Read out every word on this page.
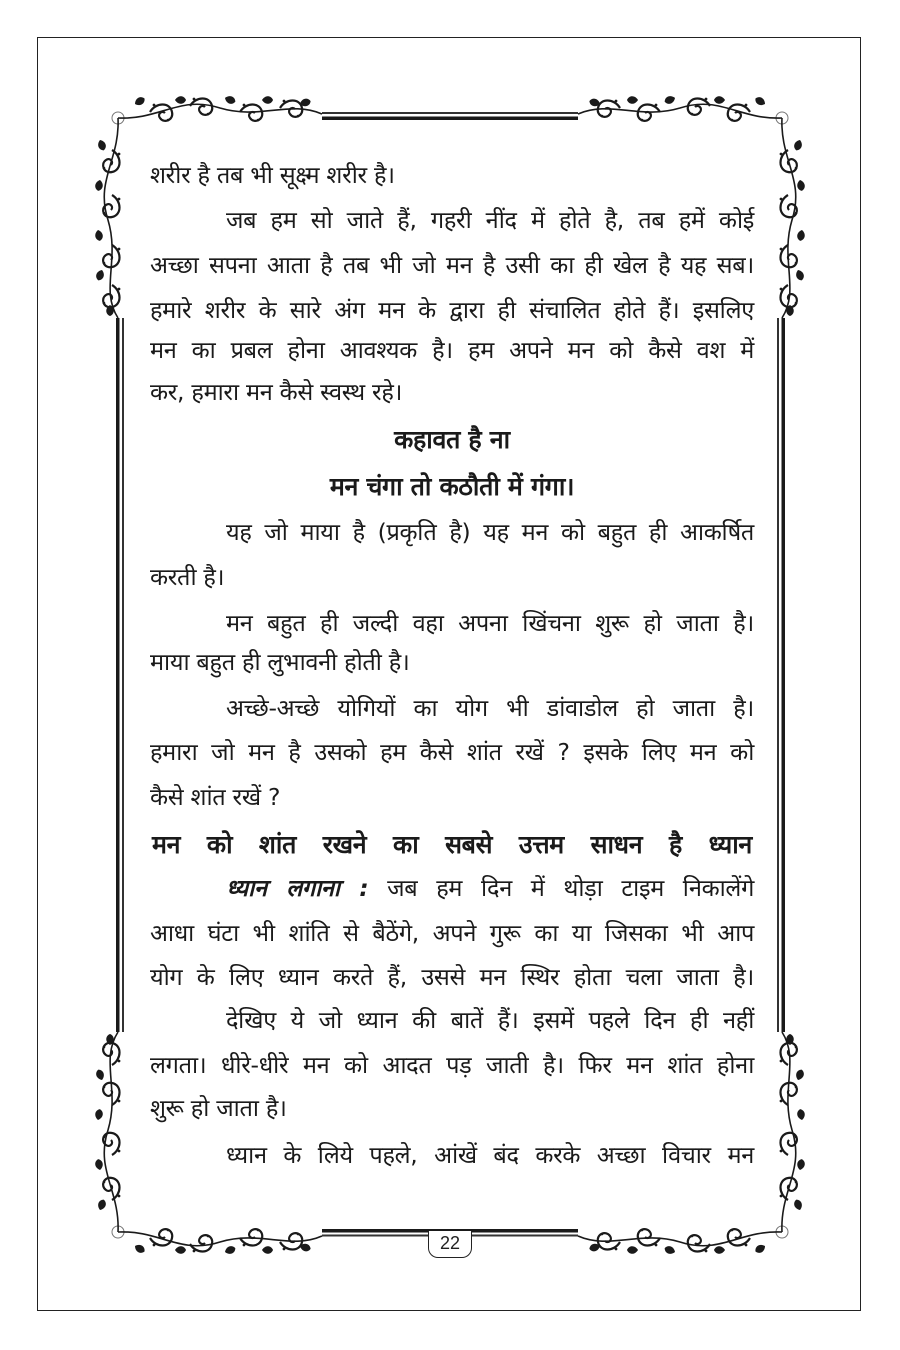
शरीर है तब भी सूक्ष्म शरीर है।
जब हम सो जाते हैं, गहरी नींद में होते है, तब हमें कोई
अच्छा सपना आता है तब भी जो मन है उसी का ही खेल है यह सब।
हमारे शरीर के सारे अंग मन के द्वारा ही संचालित होते हैं। इसलिए
मन का प्रबल होना आवश्यक है। हम अपने मन को कैसे वश में
कर, हमारा मन कैसे स्वस्थ रहे।
कहावत है ना
मन चंगा तो कठौती में गंगा।
यह जो माया है (प्रकृति है) यह मन को बहुत ही आकर्षित
करती है।
मन बहुत ही जल्दी वहा अपना खिंचना शुरू हो जाता है।
माया बहुत ही लुभावनी होती है।
अच्छे-अच्छे योगियों का योग भी डांवाडोल हो जाता है।
हमारा जो मन है उसको हम कैसे शांत रखें ? इसके लिए मन को
कैसे शांत रखें ?
मन को शांत रखने का सबसे उत्तम साधन है ध्यान
ध्यान लगाना : जब हम दिन में थोड़ा टाइम निकालेंगे
आधा घंटा भी शांति से बैठेंगे, अपने गुरू का या जिसका भी आप
योग के लिए ध्यान करते हैं, उससे मन स्थिर होता चला जाता है।
देखिए ये जो ध्यान की बातें हैं। इसमें पहले दिन ही नहीं
लगता। धीरे-धीरे मन को आदत पड़ जाती है। फिर मन शांत होना
शुरू हो जाता है।
ध्यान के लिये पहले, आंखें बंद करके अच्छा विचार मन
22
